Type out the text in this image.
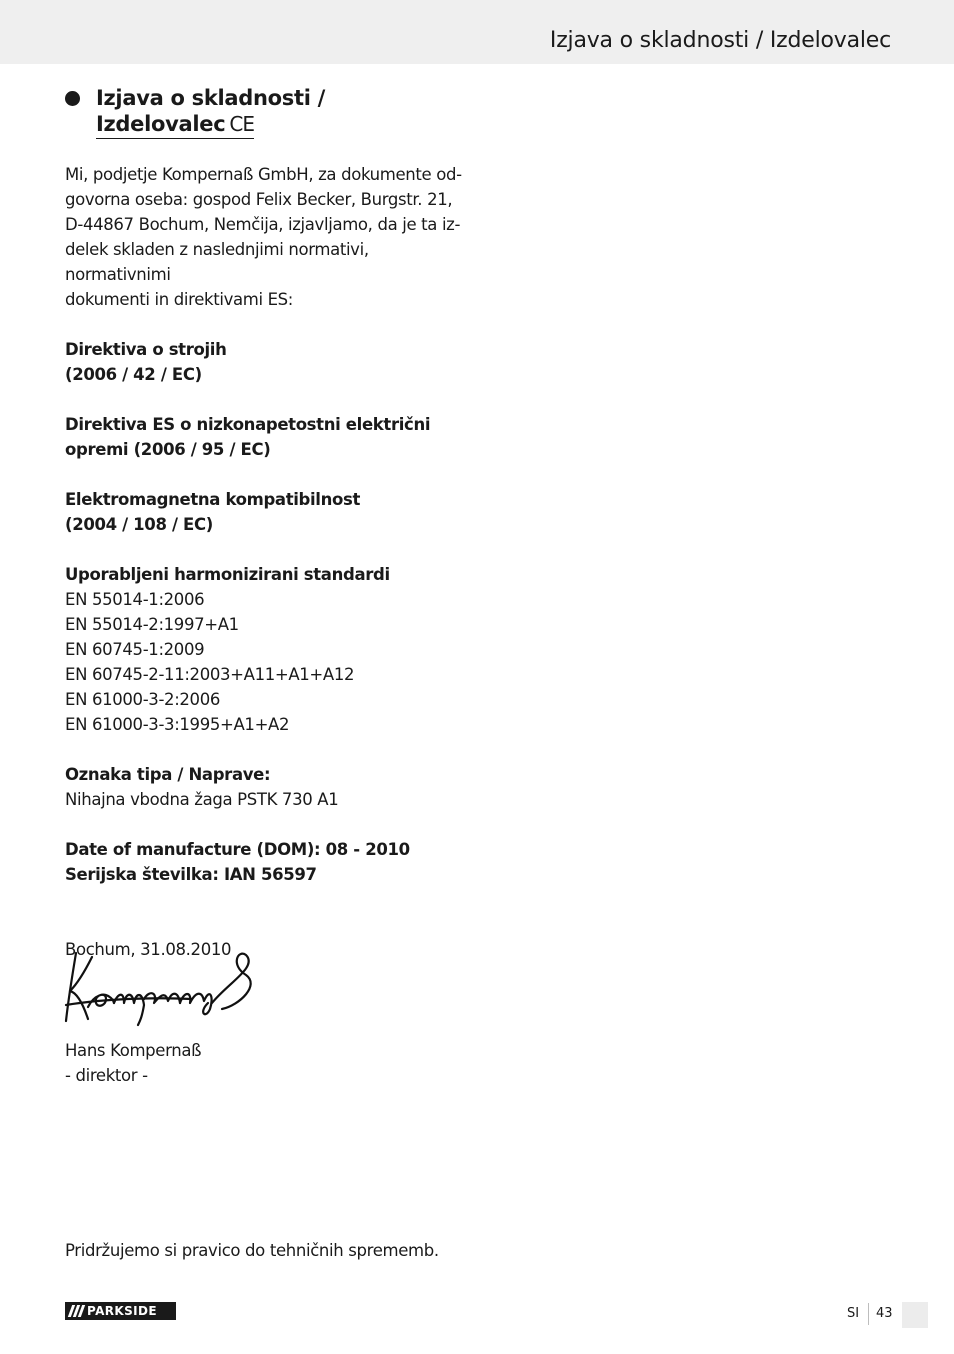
Izjava o skladnosti / Izdelovalec
Izjava o skladnosti /
Izdelovalec CE

Mi, podjetje Kompernaß GmbH, za dokumente od-

govorna oseba: gospod Felix Becker, Burgstr. 21,

D-44867 Bochum, Nemčija, izjavljamo, da je ta iz-

delek skladen z naslednjimi normativi, normativnimi

dokumenti in direktivami ES:

Direktiva o strojih

(2006 / 42 / EC)

Direktiva ES o nizkonapetostni električni

opremi (2006 / 95 / EC)

Elektromagnetna kompatibilnost

(2004 / 108 / EC)

Uporabljeni harmonizirani standardi

EN 55014-1:2006

EN 55014-2:1997+A1

EN 60745-1:2009

EN 60745-2-11:2003+A11+A1+A12

EN 61000-3-2:2006

EN 61000-3-3:1995+A1+A2

Oznaka tipa / Naprave:

Nihajna vbodna žaga PSTK 730 A1

Date of manufacture (DOM): 08 - 2010

Serijska številka: IAN 56597

Bochum, 31.08.2010

Hans Kompernaß
- direktor -
Pridržujemo si pravico do tehničnih sprememb.
PARKSIDE	SI 43
